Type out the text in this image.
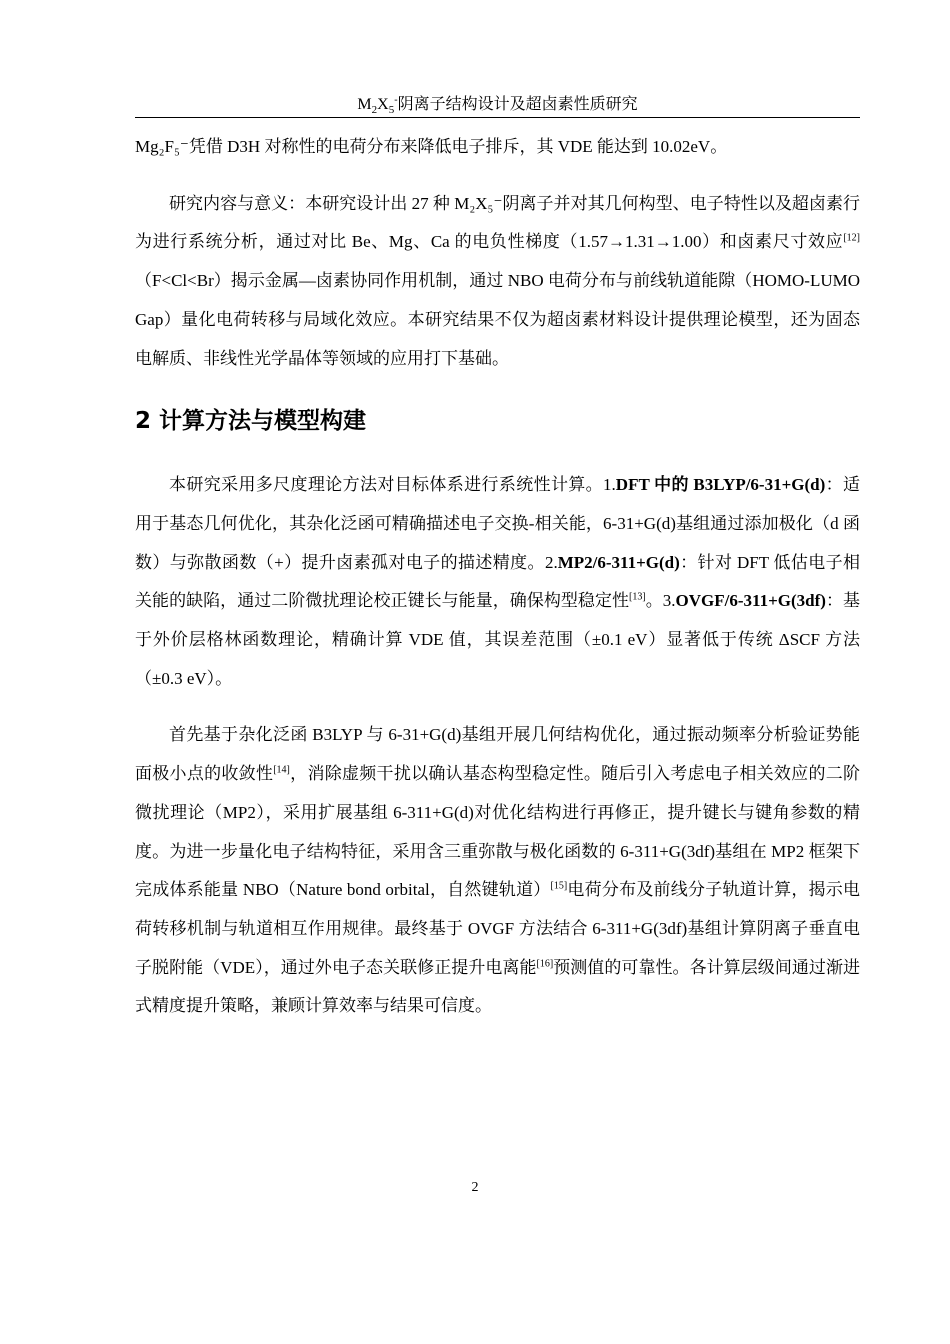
$M_2X_5^-$阴离子结构设计及超卤素性质研究

Mg₂F₅⁻凭借 D3H 对称性的电荷分布来降低电子排斥，其 VDE 能达到 10.02eV。

研究内容与意义：本研究设计出 27 种 M₂X₅⁻阴离子并对其几何构型、电子特性以及超卤素行为进行系统分析，通过对比 Be、Mg、Ca 的电负性梯度（1.57→1.31→1.00）和卤素尺寸效应[12]（F<Cl<Br）揭示金属—卤素协同作用机制，通过 NBO 电荷分布与前线轨道能隙（HOMO-LUMO Gap）量化电荷转移与局域化效应。本研究结果不仅为超卤素材料设计提供理论模型，还为固态电解质、非线性光学晶体等领域的应用打下基础。

2 计算方法与模型构建

本研究采用多尺度理论方法对目标体系进行系统性计算。1.DFT 中的 B3LYP/6-31+G(d)：适用于基态几何优化，其杂化泛函可精确描述电子交换-相关能，6-31+G(d)基组通过添加极化（d 函数）与弥散函数（+）提升卤素孤对电子的描述精度。2.MP2/6-311+G(d)：针对 DFT 低估电子相关能的缺陷，通过二阶微扰理论校正键长与能量，确保构型稳定性[13]。3.OVGF/6-311+G(3df)：基于外价层格林函数理论，精确计算 VDE 值，其误差范围（±0.1 eV）显著低于传统 ΔSCF 方法（±0.3 eV）。

首先基于杂化泛函 B3LYP 与 6-31+G(d)基组开展几何结构优化，通过振动频率分析验证势能面极小点的收敛性[14]，消除虚频干扰以确认基态构型稳定性。随后引入考虑电子相关效应的二阶微扰理论（MP2），采用扩展基组 6-311+G(d)对优化结构进行再修正，提升键长与键角参数的精度。为进一步量化电子结构特征，采用含三重弥散与极化函数的 6-311+G(3df)基组在 MP2 框架下完成体系能量 NBO（Nature bond orbital，自然键轨道）[15]电荷分布及前线分子轨道计算，揭示电荷转移机制与轨道相互作用规律。最终基于 OVGF 方法结合 6-311+G(3df)基组计算阴离子垂直电子脱附能（VDE），通过外电子态关联修正提升电离能[16]预测值的可靠性。各计算层级间通过渐进式精度提升策略，兼顾计算效率与结果可信度。

2
